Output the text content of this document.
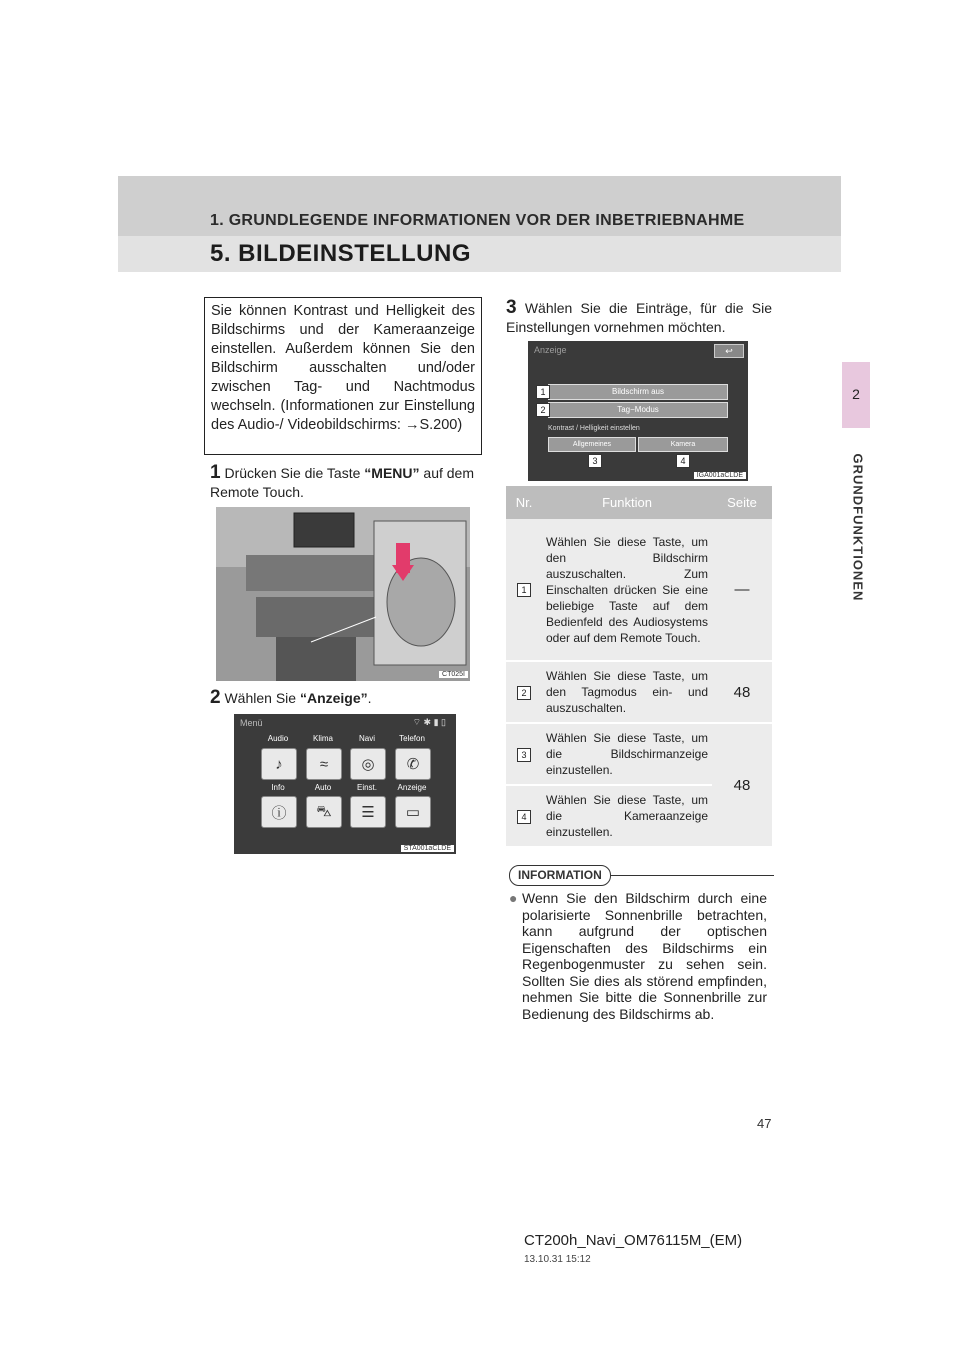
1. GRUNDLEGENDE INFORMATIONEN VOR DER INBETRIEBNAHME
5. BILDEINSTELLUNG
2
GRUNDFUNKTIONEN
Sie können Kontrast und Helligkeit des Bildschirms und der Kameraanzeige einstellen. Außerdem können Sie den Bildschirm ausschalten und/oder zwischen Tag- und Nachtmodus wechseln. (Informationen zur Einstellung des Audio-/ Videobildschirms: →S.200)
1 Drücken Sie die Taste “MENU” auf dem Remote Touch.
CT025I
2 Wählen Sie “Anzeige”.
Menü	⌔ ✱ ▮ ▯
Audio	Klima	Navi	Telefon
♪	≈	◎	✆
Info	Auto	Einst.	Anzeige
ⓘ	⛍	☰	▭
STA001aCLDE
3 Wählen Sie die Einträge, für die Sie Einstellungen vornehmen möchten.
Anzeige	↩
Bildschirm aus
Tag−Modus
Kontrast / Helligkeit einstellen
Allgemeines	Kamera
1
2
3	4
IGA001aCLDE
Nr.	Funktion	Seite
1	Wählen Sie diese Taste, um den Bildschirm auszuschalten. Zum Einschalten drücken Sie eine beliebige Taste auf dem Bedienfeld des Audiosystems oder auf dem Remote Touch.	—
2	Wählen Sie diese Taste, um den Tagmodus ein- und auszuschalten.	48
3	Wählen Sie diese Taste, um die Bildschirmanzeige einzustellen.	48
4	Wählen Sie diese Taste, um die Kameraanzeige einzustellen.	
INFORMATION
● Wenn Sie den Bildschirm durch eine polarisierte Sonnenbrille betrachten, kann aufgrund der optischen Eigenschaften des Bildschirms ein Regenbogenmuster zu sehen sein. Sollten Sie dies als störend empfinden, nehmen Sie bitte die Sonnenbrille zur Bedienung des Bildschirms ab.
47
CT200h_Navi_OM76115M_(EM)
13.10.31 15:12
